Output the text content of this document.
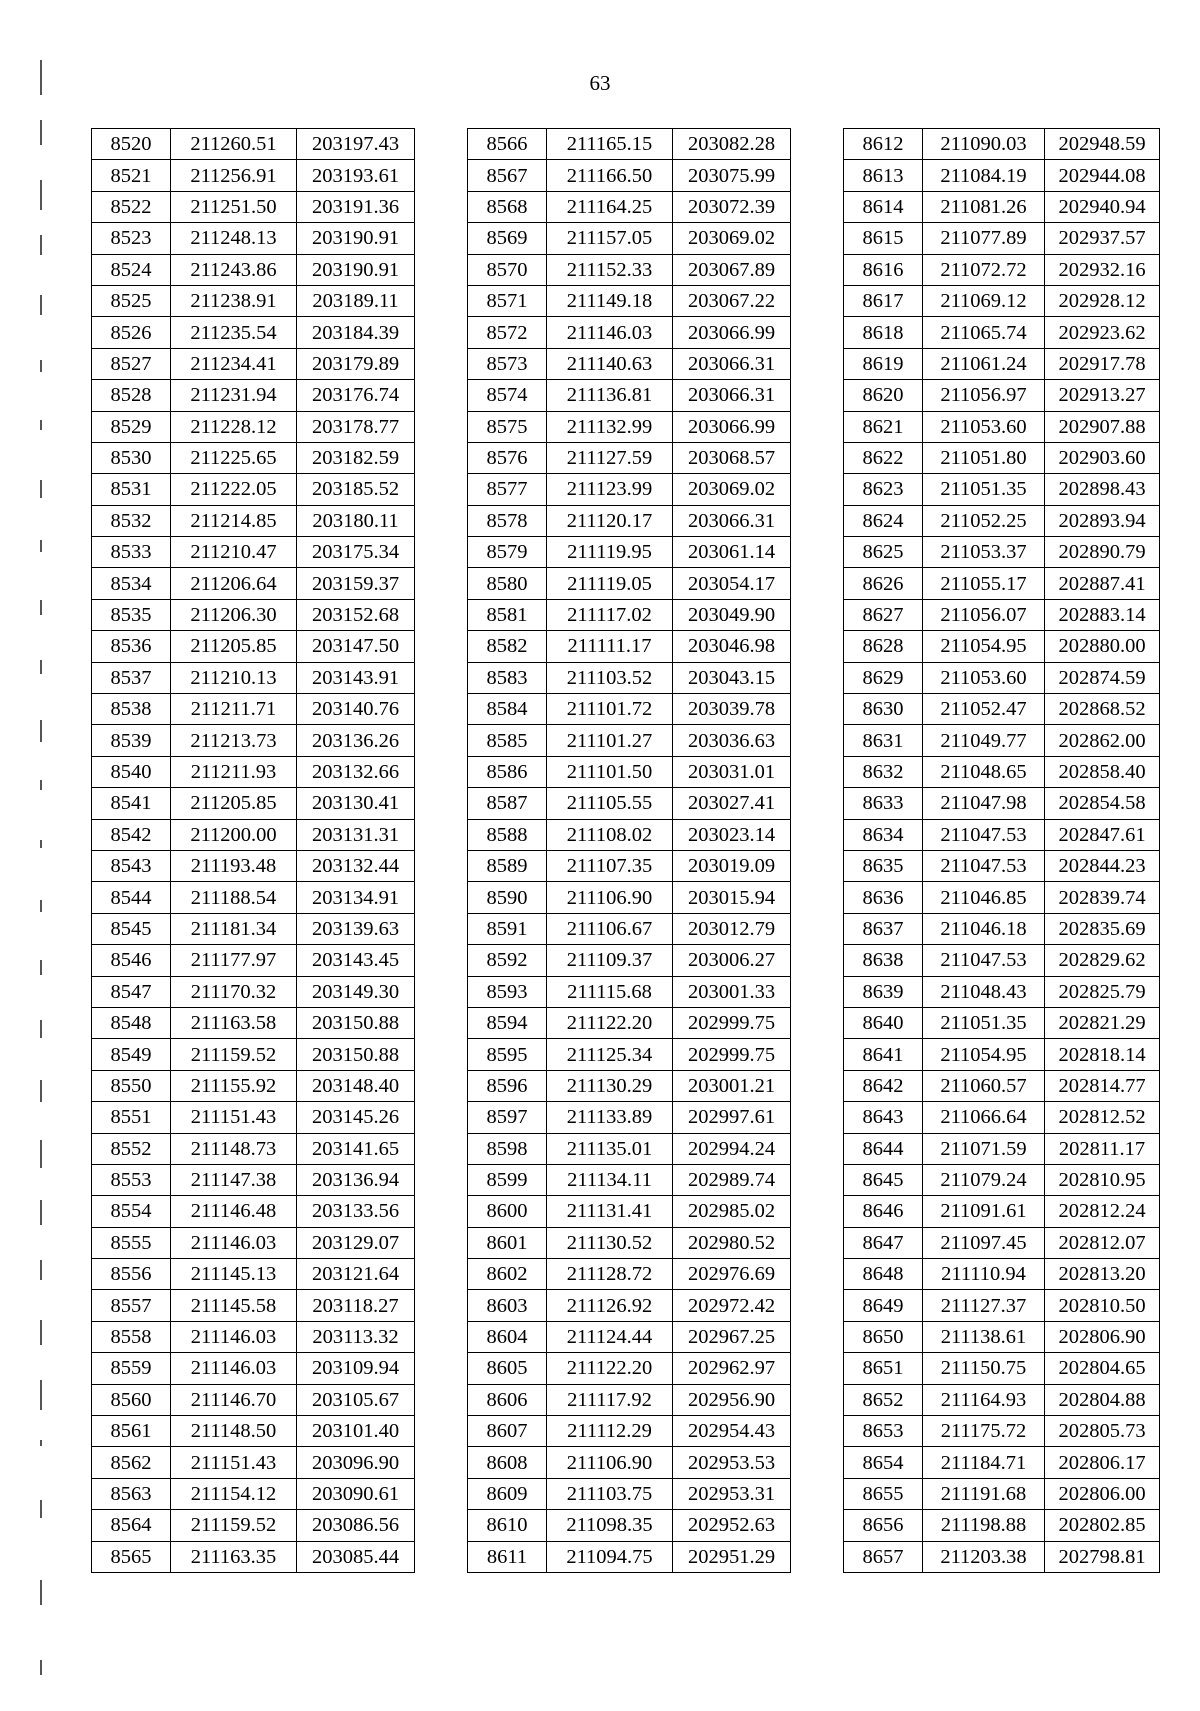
63
8520	211260.51	203197.43
8521	211256.91	203193.61
8522	211251.50	203191.36
8523	211248.13	203190.91
8524	211243.86	203190.91
8525	211238.91	203189.11
8526	211235.54	203184.39
8527	211234.41	203179.89
8528	211231.94	203176.74
8529	211228.12	203178.77
8530	211225.65	203182.59
8531	211222.05	203185.52
8532	211214.85	203180.11
8533	211210.47	203175.34
8534	211206.64	203159.37
8535	211206.30	203152.68
8536	211205.85	203147.50
8537	211210.13	203143.91
8538	211211.71	203140.76
8539	211213.73	203136.26
8540	211211.93	203132.66
8541	211205.85	203130.41
8542	211200.00	203131.31
8543	211193.48	203132.44
8544	211188.54	203134.91
8545	211181.34	203139.63
8546	211177.97	203143.45
8547	211170.32	203149.30
8548	211163.58	203150.88
8549	211159.52	203150.88
8550	211155.92	203148.40
8551	211151.43	203145.26
8552	211148.73	203141.65
8553	211147.38	203136.94
8554	211146.48	203133.56
8555	211146.03	203129.07
8556	211145.13	203121.64
8557	211145.58	203118.27
8558	211146.03	203113.32
8559	211146.03	203109.94
8560	211146.70	203105.67
8561	211148.50	203101.40
8562	211151.43	203096.90
8563	211154.12	203090.61
8564	211159.52	203086.56
8565	211163.35	203085.44
8566	211165.15	203082.28
8567	211166.50	203075.99
8568	211164.25	203072.39
8569	211157.05	203069.02
8570	211152.33	203067.89
8571	211149.18	203067.22
8572	211146.03	203066.99
8573	211140.63	203066.31
8574	211136.81	203066.31
8575	211132.99	203066.99
8576	211127.59	203068.57
8577	211123.99	203069.02
8578	211120.17	203066.31
8579	211119.95	203061.14
8580	211119.05	203054.17
8581	211117.02	203049.90
8582	211111.17	203046.98
8583	211103.52	203043.15
8584	211101.72	203039.78
8585	211101.27	203036.63
8586	211101.50	203031.01
8587	211105.55	203027.41
8588	211108.02	203023.14
8589	211107.35	203019.09
8590	211106.90	203015.94
8591	211106.67	203012.79
8592	211109.37	203006.27
8593	211115.68	203001.33
8594	211122.20	202999.75
8595	211125.34	202999.75
8596	211130.29	203001.21
8597	211133.89	202997.61
8598	211135.01	202994.24
8599	211134.11	202989.74
8600	211131.41	202985.02
8601	211130.52	202980.52
8602	211128.72	202976.69
8603	211126.92	202972.42
8604	211124.44	202967.25
8605	211122.20	202962.97
8606	211117.92	202956.90
8607	211112.29	202954.43
8608	211106.90	202953.53
8609	211103.75	202953.31
8610	211098.35	202952.63
8611	211094.75	202951.29
8612	211090.03	202948.59
8613	211084.19	202944.08
8614	211081.26	202940.94
8615	211077.89	202937.57
8616	211072.72	202932.16
8617	211069.12	202928.12
8618	211065.74	202923.62
8619	211061.24	202917.78
8620	211056.97	202913.27
8621	211053.60	202907.88
8622	211051.80	202903.60
8623	211051.35	202898.43
8624	211052.25	202893.94
8625	211053.37	202890.79
8626	211055.17	202887.41
8627	211056.07	202883.14
8628	211054.95	202880.00
8629	211053.60	202874.59
8630	211052.47	202868.52
8631	211049.77	202862.00
8632	211048.65	202858.40
8633	211047.98	202854.58
8634	211047.53	202847.61
8635	211047.53	202844.23
8636	211046.85	202839.74
8637	211046.18	202835.69
8638	211047.53	202829.62
8639	211048.43	202825.79
8640	211051.35	202821.29
8641	211054.95	202818.14
8642	211060.57	202814.77
8643	211066.64	202812.52
8644	211071.59	202811.17
8645	211079.24	202810.95
8646	211091.61	202812.24
8647	211097.45	202812.07
8648	211110.94	202813.20
8649	211127.37	202810.50
8650	211138.61	202806.90
8651	211150.75	202804.65
8652	211164.93	202804.88
8653	211175.72	202805.73
8654	211184.71	202806.17
8655	211191.68	202806.00
8656	211198.88	202802.85
8657	211203.38	202798.81
